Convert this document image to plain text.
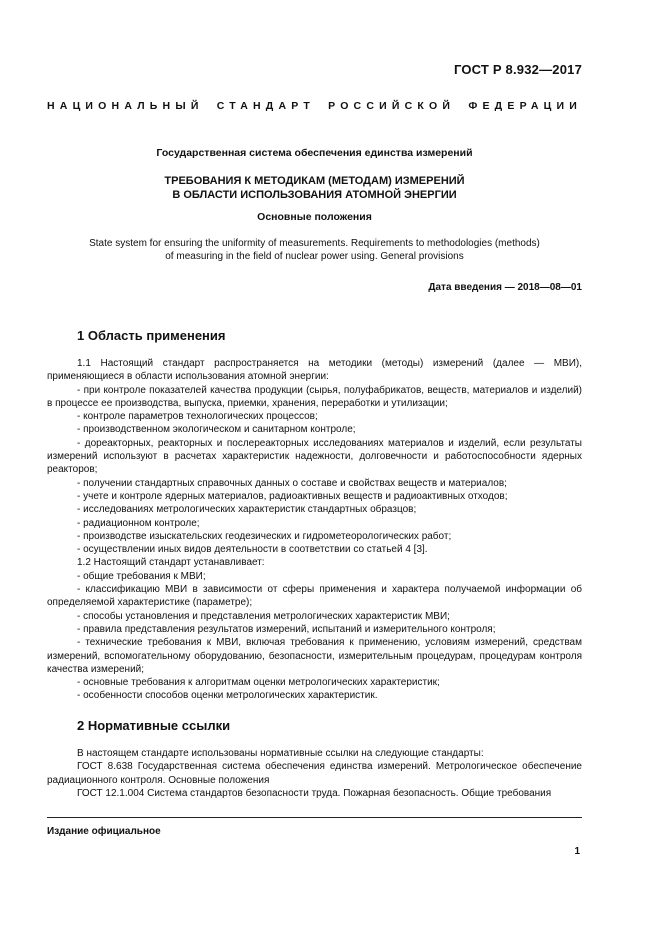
ГОСТ Р 8.932—2017
НАЦИОНАЛЬНЫЙ СТАНДАРТ РОССИЙСКОЙ ФЕДЕРАЦИИ
Государственная система обеспечения единства измерений
ТРЕБОВАНИЯ К МЕТОДИКАМ (МЕТОДАМ) ИЗМЕРЕНИЙ
В ОБЛАСТИ ИСПОЛЬЗОВАНИЯ АТОМНОЙ ЭНЕРГИИ
Основные положения
State system for ensuring the uniformity of measurements. Requirements to methodologies (methods)
of measuring in the field of nuclear power using. General provisions
Дата введения — 2018—08—01
1 Область применения

1.1 Настоящий стандарт распространяется на методики (методы) измерений (далее — МВИ), применяющиеся в области использования атомной энергии:

- при контроле показателей качества продукции (сырья, полуфабрикатов, веществ, материалов и изделий) в процессе ее производства, выпуска, приемки, хранения, переработки и утилизации;

- контроле параметров технологических процессов;

- производственном экологическом и санитарном контроле;

- дореакторных, реакторных и послереакторных исследованиях материалов и изделий, если результаты измерений используют в расчетах характеристик надежности, долговечности и работоспособности ядерных реакторов;

- получении стандартных справочных данных о составе и свойствах веществ и материалов;

- учете и контроле ядерных материалов, радиоактивных веществ и радиоактивных отходов;

- исследованиях метрологических характеристик стандартных образцов;

- радиационном контроле;

- производстве изыскательских геодезических и гидрометеорологических работ;

- осуществлении иных видов деятельности в соответствии со статьей 4 [3].

1.2 Настоящий стандарт устанавливает:

- общие требования к МВИ;

- классификацию МВИ в зависимости от сферы применения и характера получаемой информации об определяемой характеристике (параметре);

- способы установления и представления метрологических характеристик МВИ;

- правила представления результатов измерений, испытаний и измерительного контроля;

- технические требования к МВИ, включая требования к применению, условиям измерений, средствам измерений, вспомогательному оборудованию, безопасности, измерительным процедурам, процедурам контроля качества измерений;

- основные требования к алгоритмам оценки метрологических характеристик;

- особенности способов оценки метрологических характеристик.

2 Нормативные ссылки

В настоящем стандарте использованы нормативные ссылки на следующие стандарты:

ГОСТ 8.638 Государственная система обеспечения единства измерений. Метрологическое обеспечение радиационного контроля. Основные положения

ГОСТ 12.1.004 Система стандартов безопасности труда. Пожарная безопасность. Общие требования

Издание официальное
1
